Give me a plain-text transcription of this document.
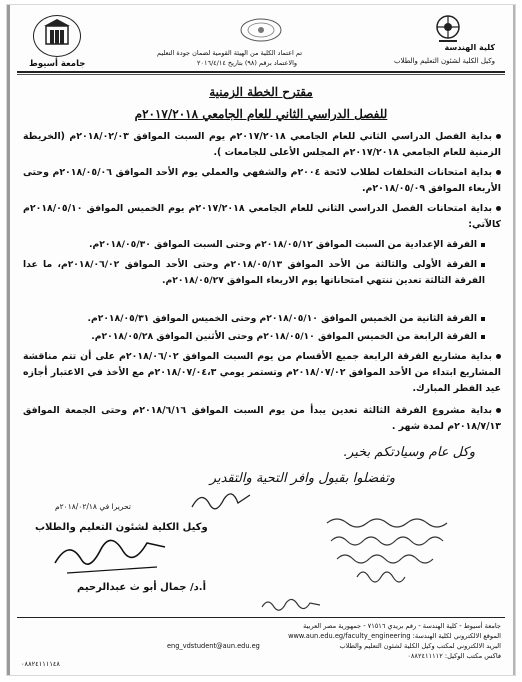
جامعة أسيوط
كلية الهندسة
وكيل الكلية لشئون التعليم والطلاب
تم اعتماد الكلية من الهيئة القومية لضمان جودة التعليم
والاعتماد برقم (٩٨) بتاريخ ٢٠١٦/٤/١٤
مقترح الخطة الزمنية
للفصل الدراسي الثاني للعام الجامعي ٢٠١٧/٢٠١٨م
بداية الفصل الدراسي الثاني للعام الجامعي ٢٠١٧/٢٠١٨م يوم السبت الموافق ٢٠١٨/٠٢/٠٣م (الخريطة الزمنية للعام الجامعي ٢٠١٧/٢٠١٨م المجلس الأعلى للجامعات ).
بداية امتحانات التخلفات لطلاب لائحة ٢٠٠٤م والشفهي والعملي يوم الأحد الموافق ٢٠١٨/٠٥/٠٦م وحتى الأربعاء الموافق ٢٠١٨/٠٥/٠٩م.
بداية امتحانات الفصل الدراسي الثاني للعام الجامعي ٢٠١٧/٢٠١٨م يوم الخميس الموافق ٢٠١٨/٠٥/١٠م كالآتي:
الفرقة الإعدادية من السبت الموافق ٢٠١٨/٠٥/١٢م وحتى السبت الموافق ٢٠١٨/٠٥/٣٠م.
الفرقة الأولى والثالثة من الأحد الموافق ٢٠١٨/٠٥/١٣م وحتى الأحد الموافق ٢٠١٨/٠٦/٠٢م، ما عدا الفرقة الثالثة تعدين تنتهي امتحاناتها يوم الاربعاء الموافق ٢٠١٨/٠٥/٢٧م.
الفرقة الثانية من الخميس الموافق ٢٠١٨/٠٥/١٠م وحتى الخميس الموافق ٢٠١٨/٠٥/٣١م.
الفرقة الرابعة من الخميس الموافق ٢٠١٨/٠٥/١٠م وحتى الأثنين الموافق ٢٠١٨/٠٥/٢٨م.
بداية مشاريع الفرقة الرابعة جميع الأقسام من يوم السبت الموافق ٢٠١٨/٠٦/٠٢م على أن تتم مناقشة المشاريع ابتداء من الأحد الموافق ٢٠١٨/٠٧/٠٢م وتستمر يومي ٢٠١٨/٠٧/٠٤،٣م مع الأخذ في الاعتبار أجازه عيد الفطر المبارك.
بداية مشروع الفرقة الثالثة تعدين يبدأ من يوم السبت الموافق ٢٠١٨/٦/١٦م وحتى الجمعة الموافق ٢٠١٨/٧/١٣م لمدة شهر .
وكل عام وسيادتكم بخير.
وتفضلوا بقبول وافر التحية والتقدير
تحريرا في ٢٠١٨/٠٢/١٨م
وكيل الكلية لشئون التعليم والطلاب
أ.د/ جمال أبو ث عبدالرحيم
جامعة أسيوط - كلية الهندسة - رقم بريدي ٧١٥١٦ - جمهورية مصر العربية
الموقع الالكتروني لكلية الهندسة: www.aun.edu.eg/faculty_engineering
البريد الالكتروني لمكتب وكيل الكلية لشئون التعليم والطلاب
eng_vdstudent@aun.edu.eg
فاكس مكتب الوكيل: ٠٨٨٢٤١١١١٢
٠٨٨٢٤١١١١٤٨
